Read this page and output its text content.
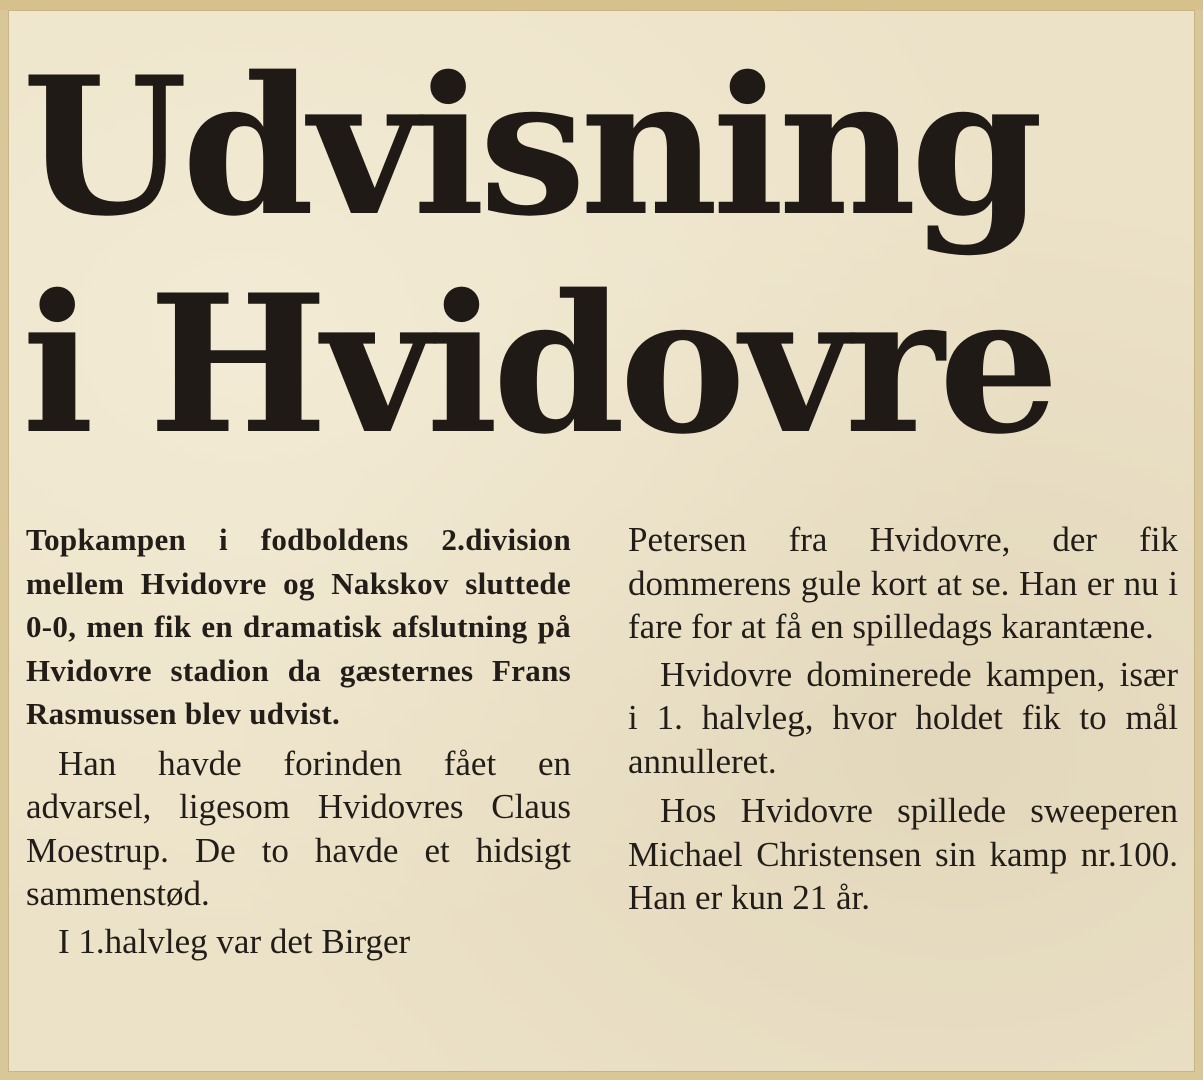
Udvisning
i Hvidovre

Topkampen i fodboldens 2.division mellem Hvidovre og Nakskov sluttede 0-0, men fik en dramatisk afslutning på Hvidovre stadion da gæsternes Frans Rasmussen blev udvist.

Han havde forinden fået en advarsel, ligesom Hvidovres Claus Moestrup. De to havde et hidsigt sammenstød.

I 1.halvleg var det Birger

Petersen fra Hvidovre, der fik dommerens gule kort at se. Han er nu i fare for at få en spilledags karantæne.

Hvidovre dominerede kampen, især i 1. halvleg, hvor holdet fik to mål annulleret.

Hos Hvidovre spillede sweeperen Michael Christensen sin kamp nr.100. Han er kun 21 år.
